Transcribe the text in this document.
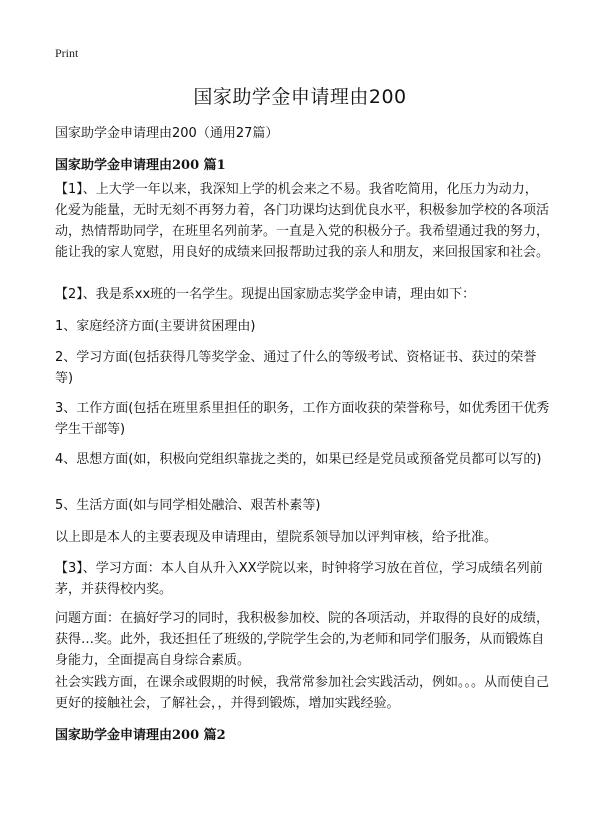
Print
国家助学金申请理由200
国家助学金申请理由200（通用27篇）
国家助学金申请理由200 篇1
【1】、上大学一年以来，我深知上学的机会来之不易。我省吃简用，化压力为动力，化爱为能量，无时无刻不再努力着，各门功课均达到优良水平，积极参加学校的各项活动，热情帮助同学，在班里名列前茅。一直是入党的积极分子。我希望通过我的努力，能让我的家人宽慰，用良好的成绩来回报帮助过我的亲人和朋友，来回报国家和社会。
【2】、我是系xx班的一名学生。现提出国家励志奖学金申请，理由如下：
1、家庭经济方面(主要讲贫困理由)
2、学习方面(包括获得几等奖学金、通过了什么的等级考试、资格证书、获过的荣誉等)
3、工作方面(包括在班里系里担任的职务，工作方面收获的荣誉称号，如优秀团干优秀学生干部等)
4、思想方面(如，积极向党组织靠拢之类的，如果已经是党员或预备党员都可以写的)
5、生活方面(如与同学相处融洽、艰苦朴素等)
以上即是本人的主要表现及申请理由，望院系领导加以评判审核，给予批准。
【3】、学习方面：本人自从升入XX学院以来，时钟将学习放在首位，学习成绩名列前茅，并获得校内奖。
问题方面：在搞好学习的同时，我积极参加校、院的各项活动，并取得的良好的成绩，获得…奖。此外，我还担任了班级的,学院学生会的,为老师和同学们服务，从而锻炼自身能力，全面提高自身综合素质。
社会实践方面，在课余或假期的时候，我常常参加社会实践活动，例如。。。从而使自己更好的接触社会，了解社会，，并得到锻炼，增加实践经验。
国家助学金申请理由200 篇2
